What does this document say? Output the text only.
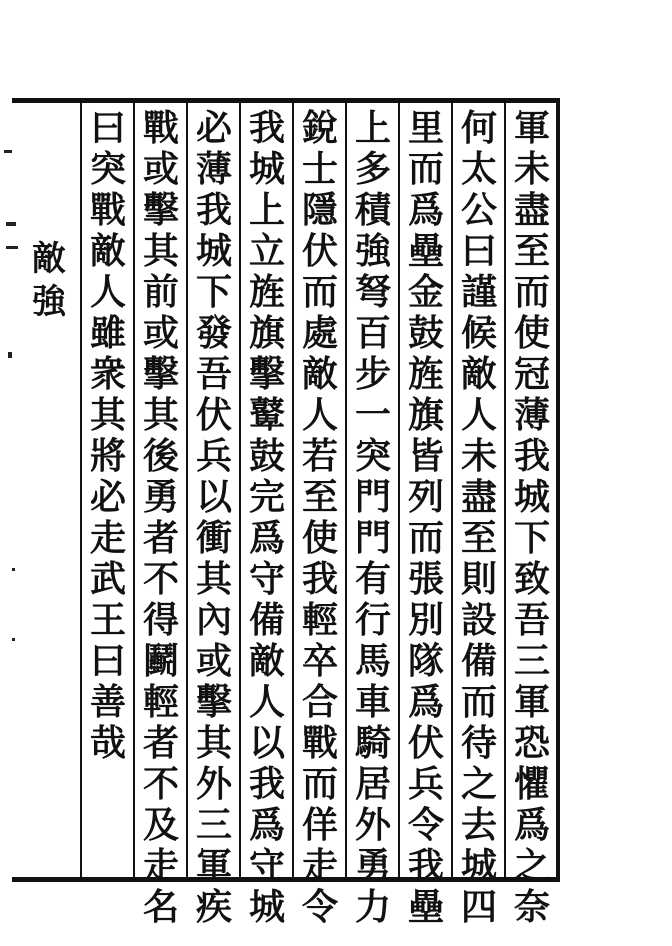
軍
未
盡
至
而
使
冠
薄
我
城
下
致
吾
三
軍
恐
懼
爲
之
奈
何
太
公
曰
謹
候
敵
人
未
盡
至
則
設
備
而
待
之
去
城
四
里
而
爲
壘
金
鼓
旌
旗
皆
列
而
張
別
隊
爲
伏
兵
令
我
壘
上
多
積
強
弩
百
步
一
突
門
門
有
行
馬
車
騎
居
外
勇
力
銳
士
隱
伏
而
處
敵
人
若
至
使
我
輕
卒
合
戰
而
佯
走
令
我
城
上
立
旌
旗
擊
鼙
鼓
完
爲
守
備
敵
人
以
我
爲
守
城
必
薄
我
城
下
發
吾
伏
兵
以
衝
其
內
或
擊
其
外
三
軍
疾
戰
或
擊
其
前
或
擊
其
後
勇
者
不
得
鬬
輕
者
不
及
走
名
曰
突
戰
敵
人
雖
衆
其
將
必
走
武
王
曰
善
哉
敵
強
